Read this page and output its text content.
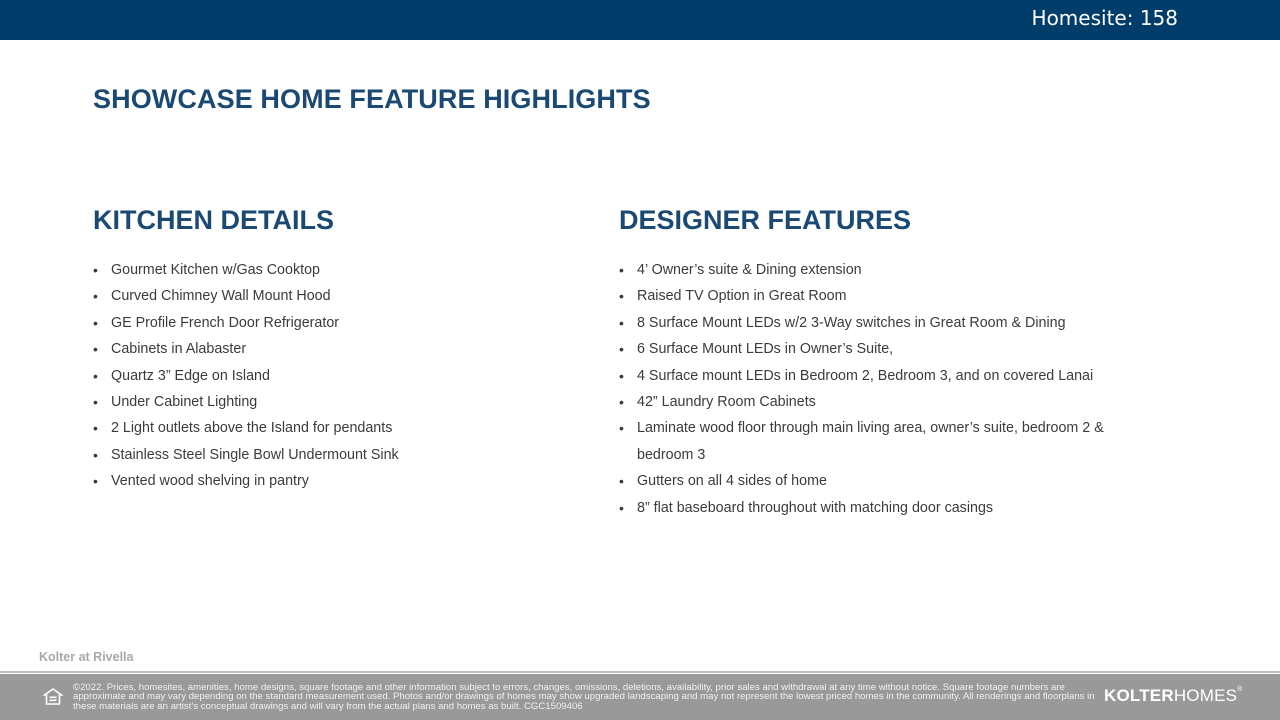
Homesite: 158
SHOWCASE HOME FEATURE HIGHLIGHTS
KITCHEN DETAILS
• Gourmet Kitchen w/Gas Cooktop
• Curved Chimney Wall Mount Hood
• GE Profile French Door Refrigerator
• Cabinets in Alabaster
• Quartz 3” Edge on Island
• Under Cabinet Lighting
• 2 Light outlets above the Island for pendants
• Stainless Steel Single Bowl Undermount Sink
• Vented wood shelving in pantry
DESIGNER FEATURES
• 4’ Owner’s suite & Dining extension
• Raised TV Option in Great Room
• 8 Surface Mount LEDs w/2 3-Way switches in Great Room & Dining
• 6 Surface Mount LEDs in Owner’s Suite,
• 4 Surface mount LEDs in Bedroom 2, Bedroom 3, and on covered Lanai
• 42” Laundry Room Cabinets
• Laminate wood floor through main living area, owner’s suite, bedroom 2 & bedroom 3
• Gutters on all 4 sides of home
• 8” flat baseboard throughout with matching door casings
Kolter at Rivella
©2022. Prices, homesites, amenities, home designs, square footage and other information subject to errors, changes, omissions, deletions, availability, prior sales and withdrawal at any time without notice. Square footage numbers are approximate and may vary depending on the standard measurement used. Photos and/or drawings of homes may show upgraded landscaping and may not represent the lowest priced homes in the community. All renderings and floorplans in these materials are an artist’s conceptual drawings and will vary from the actual plans and homes as built. CGC1509406
KOLTERHOMES®
